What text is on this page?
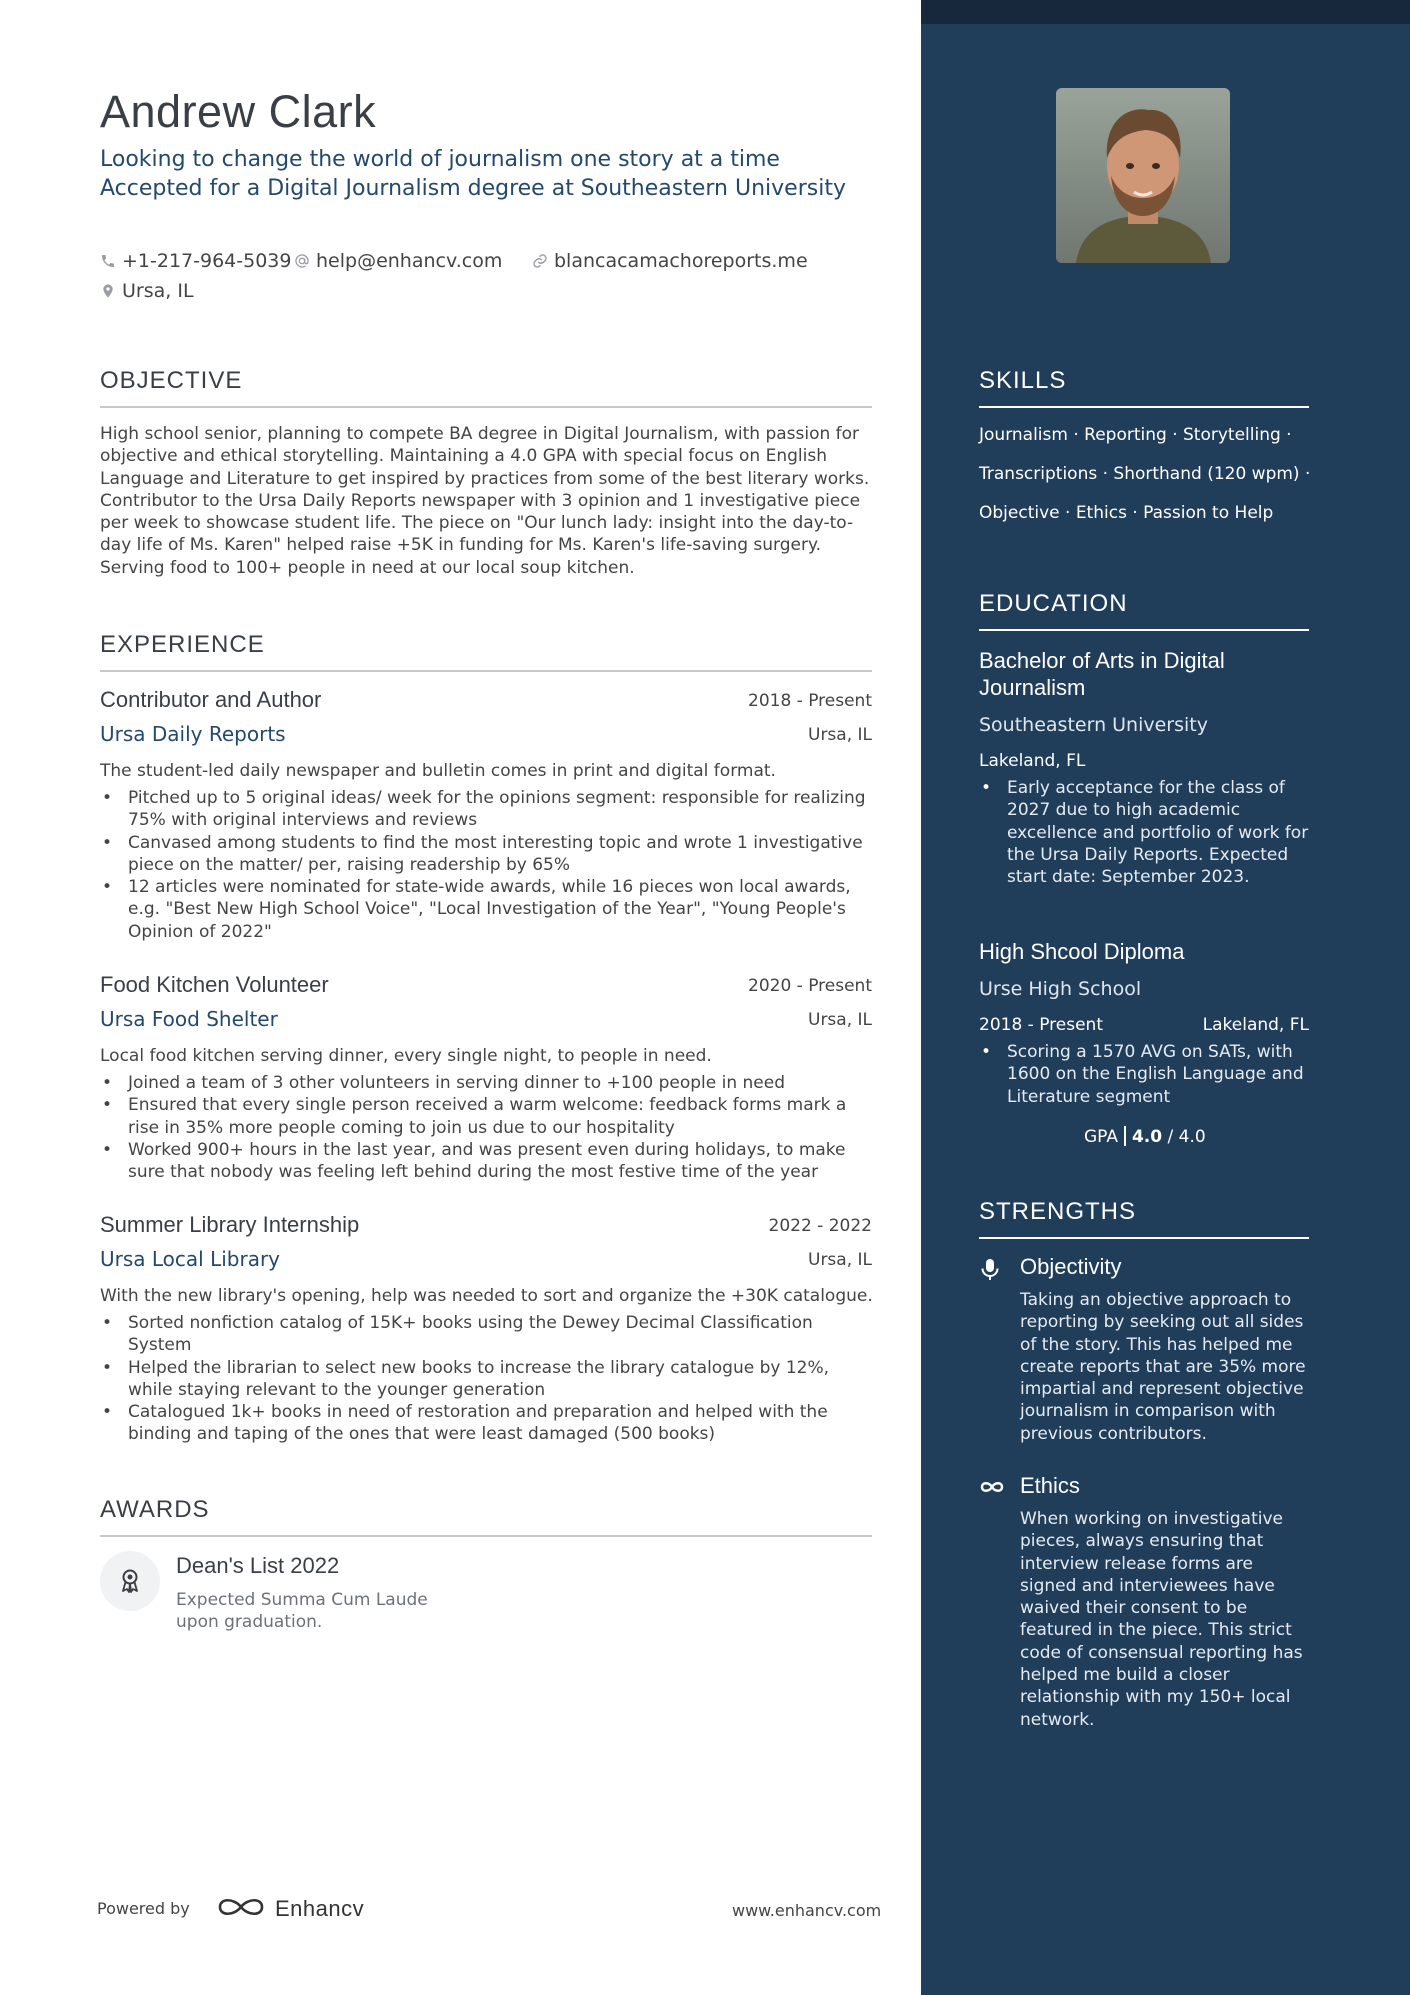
Andrew Clark
Looking to change the world of journalism one story at a time Accepted for a Digital Journalism degree at Southeastern University
+1-217-964-5039	help@enhancv.com	blancacamachoreports.me
Ursa, IL
OBJECTIVE

High school senior, planning to compete BA degree in Digital Journalism, with passion for objective and ethical storytelling. Maintaining a 4.0 GPA with special focus on English Language and Literature to get inspired by practices from some of the best literary works. Contributor to the Ursa Daily Reports newspaper with 3 opinion and 1 investigative piece per week to showcase student life. The piece on "Our lunch lady: insight into the day-to-day life of Ms. Karen" helped raise +5K in funding for Ms. Karen's life-saving surgery. Serving food to 100+ people in need at our local soup kitchen.

EXPERIENCE
Contributor and Author	2018 - Present
Ursa Daily Reports	Ursa, IL
The student-led daily newspaper and bulletin comes in print and digital format.
• Pitched up to 5 original ideas/ week for the opinions segment: responsible for realizing 75% with original interviews and reviews
• Canvased among students to find the most interesting topic and wrote 1 investigative piece on the matter/ per, raising readership by 65%
• 12 articles were nominated for state-wide awards, while 16 pieces won local awards, e.g. "Best New High School Voice", "Local Investigation of the Year", "Young People's Opinion of 2022"
Food Kitchen Volunteer	2020 - Present
Ursa Food Shelter	Ursa, IL
Local food kitchen serving dinner, every single night, to people in need.
• Joined a team of 3 other volunteers in serving dinner to +100 people in need
• Ensured that every single person received a warm welcome: feedback forms mark a rise in 35% more people coming to join us due to our hospitality
• Worked 900+ hours in the last year, and was present even during holidays, to make sure that nobody was feeling left behind during the most festive time of the year
Summer Library Internship	2022 - 2022
Ursa Local Library	Ursa, IL
With the new library's opening, help was needed to sort and organize the +30K catalogue.
• Sorted nonfiction catalog of 15K+ books using the Dewey Decimal Classification System
• Helped the librarian to select new books to increase the library catalogue by 12%, while staying relevant to the younger generation
• Catalogued 1k+ books in need of restoration and preparation and helped with the binding and taping of the ones that were least damaged (500 books)
AWARDS
Dean's List 2022
Expected Summa Cum Laude upon graduation.
Powered by	Enhancv	www.enhancv.com
SKILLS
Journalism · Reporting · Storytelling ·
Transcriptions · Shorthand (120 wpm) ·
Objective · Ethics · Passion to Help
EDUCATION
Bachelor of Arts in Digital Journalism
Southeastern University
Lakeland, FL
• Early acceptance for the class of 2027 due to high academic excellence and portfolio of work for the Ursa Daily Reports. Expected start date: September 2023.
High Shcool Diploma
Urse High School
2018 - Present	Lakeland, FL
• Scoring a 1570 AVG on SATs, with 1600 on the English Language and Literature segment
GPA 4.0 / 4.0
STRENGTHS
Objectivity

Taking an objective approach to reporting by seeking out all sides of the story. This has helped me create reports that are 35% more impartial and represent objective journalism in comparison with previous contributors.

Ethics

When working on investigative pieces, always ensuring that interview release forms are signed and interviewees have waived their consent to be featured in the piece. This strict code of consensual reporting has helped me build a closer relationship with my 150+ local network.
